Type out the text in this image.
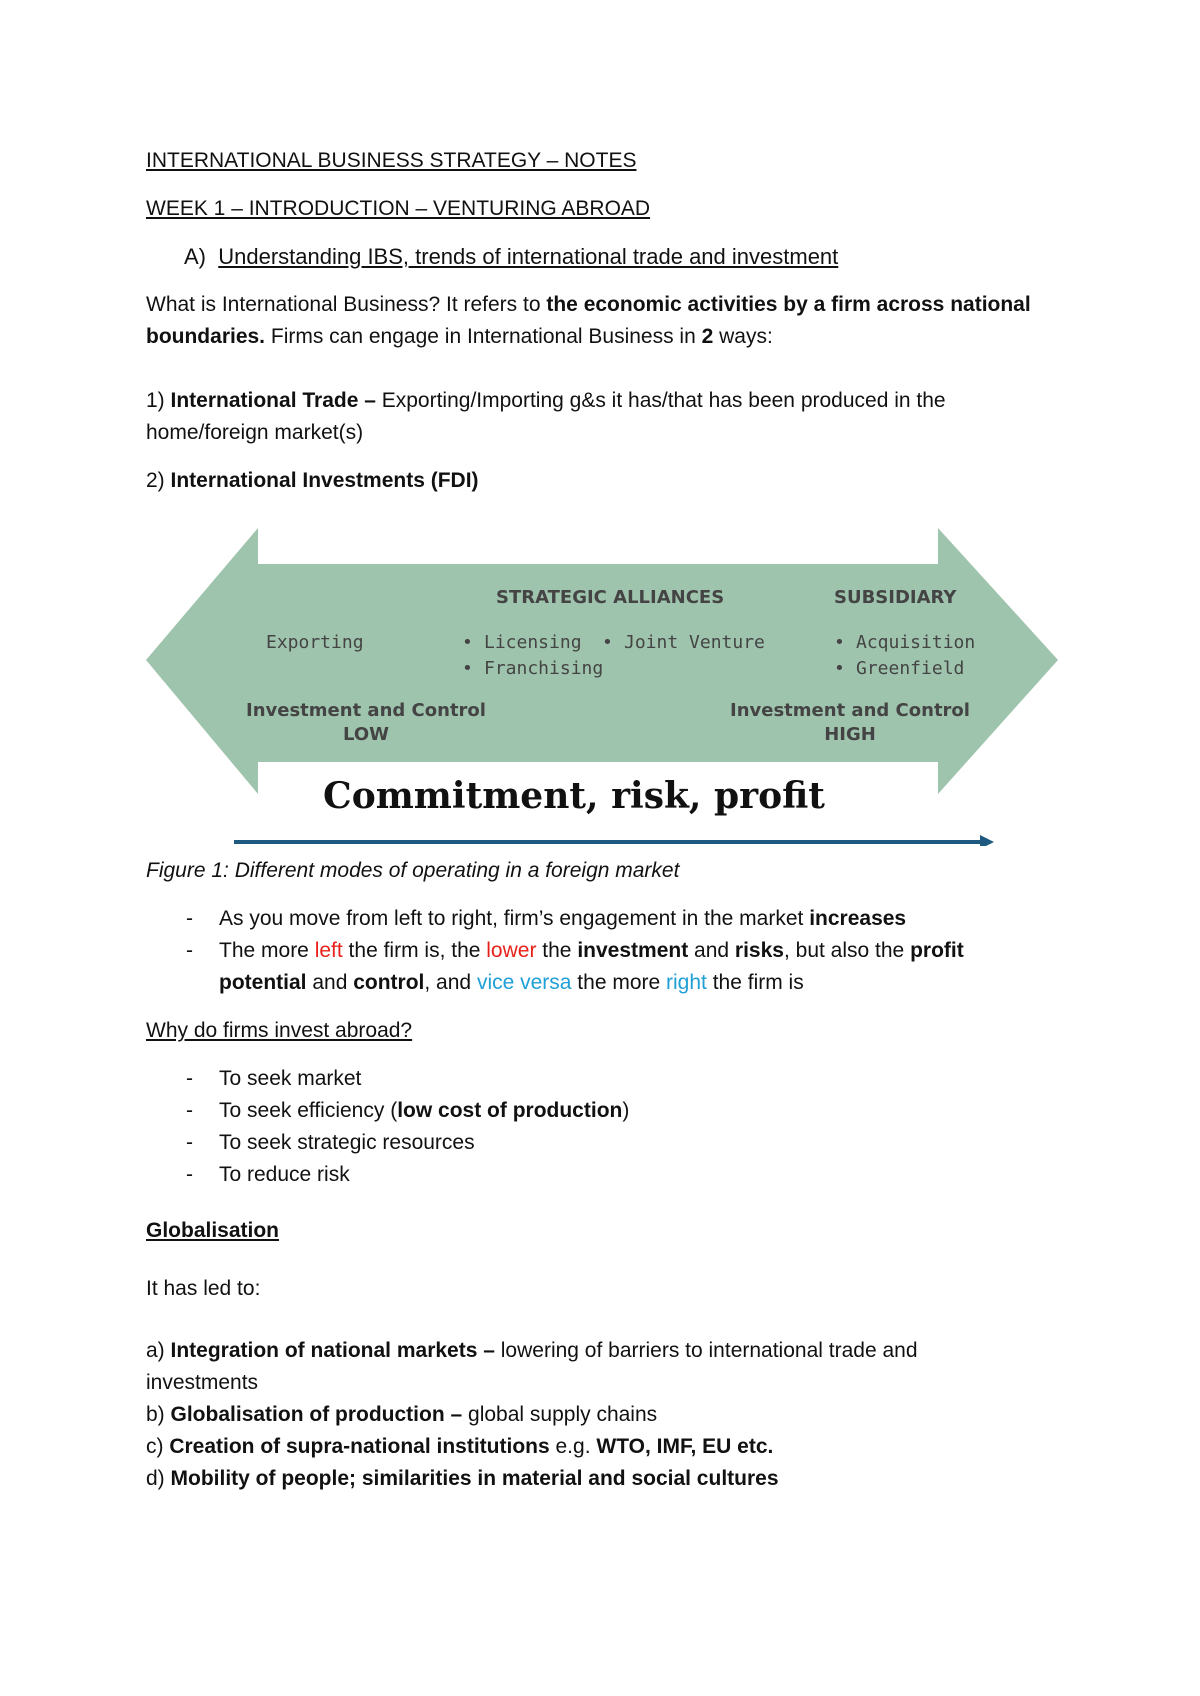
INTERNATIONAL BUSINESS STRATEGY – NOTES
WEEK 1 – INTRODUCTION – VENTURING ABROAD
A) Understanding IBS, trends of international trade and investment
What is International Business? It refers to the economic activities by a firm across national
boundaries. Firms can engage in International Business in 2 ways:
1) International Trade – Exporting/Importing g&s it has/that has been produced in the
home/foreign market(s)
2) International Investments (FDI)
STRATEGIC ALLIANCES	SUBSIDIARY
Investment and Control
LOW
Investment and Control
HIGH
Exporting	• Licensing
• Franchising
• Joint Venture	• Acquisition
• Greenfield
Commitment, risk, profit
Figure 1: Different modes of operating in a foreign market
- As you move from left to right, firm’s engagement in the market increases
- The more left the firm is, the lower the investment and risks, but also the profit
potential and control, and vice versa the more right the firm is
Why do firms invest abroad?
- To seek market
- To seek efficiency (low cost of production)
- To seek strategic resources
- To reduce risk
Globalisation
It has led to:
a) Integration of national markets – lowering of barriers to international trade and
investments
b) Globalisation of production – global supply chains
c) Creation of supra-national institutions e.g. WTO, IMF, EU etc.
d) Mobility of people; similarities in material and social cultures
